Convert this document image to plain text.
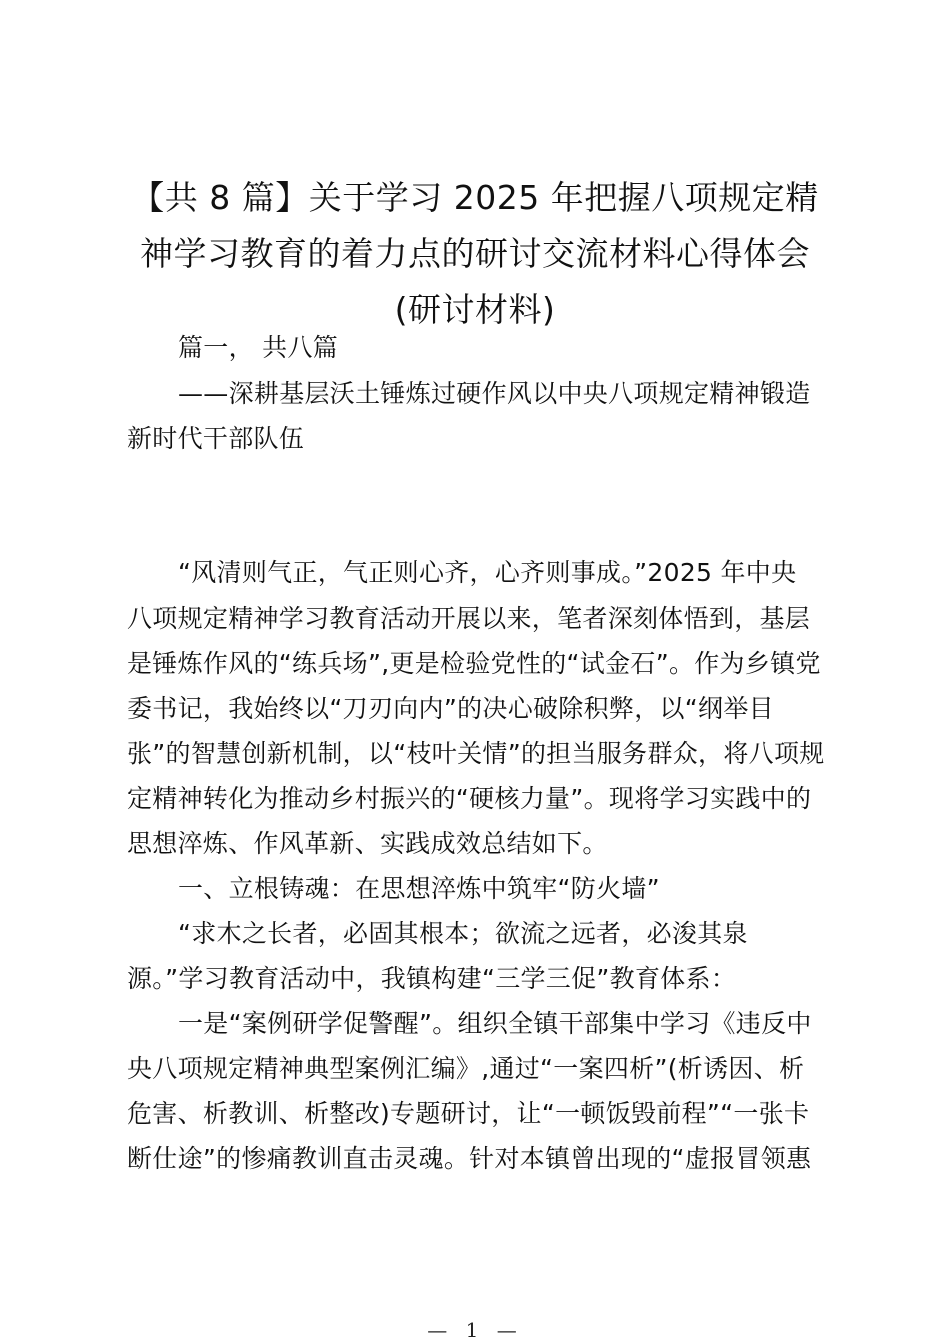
【共 8 篇】关于学习 2025 年把握八项规定精
神学习教育的着力点的研讨交流材料心得体会
(研讨材料)
篇一， 共八篇
——深耕基层沃土锤炼过硬作风以中央八项规定精神锻造
新时代干部队伍
“风清则气正，气正则心齐，心齐则事成。”2025 年中央
八项规定精神学习教育活动开展以来，笔者深刻体悟到，基层
是锤炼作风的“练兵场”,更是检验党性的“试金石”。作为乡镇党
委书记，我始终以“刀刃向内”的决心破除积弊，以“纲举目
张”的智慧创新机制，以“枝叶关情”的担当服务群众，将八项规
定精神转化为推动乡村振兴的“硬核力量”。现将学习实践中的
思想淬炼、作风革新、实践成效总结如下。
一、立根铸魂：在思想淬炼中筑牢“防火墙”
“求木之长者，必固其根本；欲流之远者，必浚其泉
源。”学习教育活动中，我镇构建“三学三促”教育体系：
一是“案例研学促警醒”。组织全镇干部集中学习《违反中
央八项规定精神典型案例汇编》,通过“一案四析”(析诱因、析
危害、析教训、析整改)专题研讨，让“一顿饭毁前程”“一张卡
断仕途”的惨痛教训直击灵魂。针对本镇曾出现的“虚报冒领惠
— 1 —
